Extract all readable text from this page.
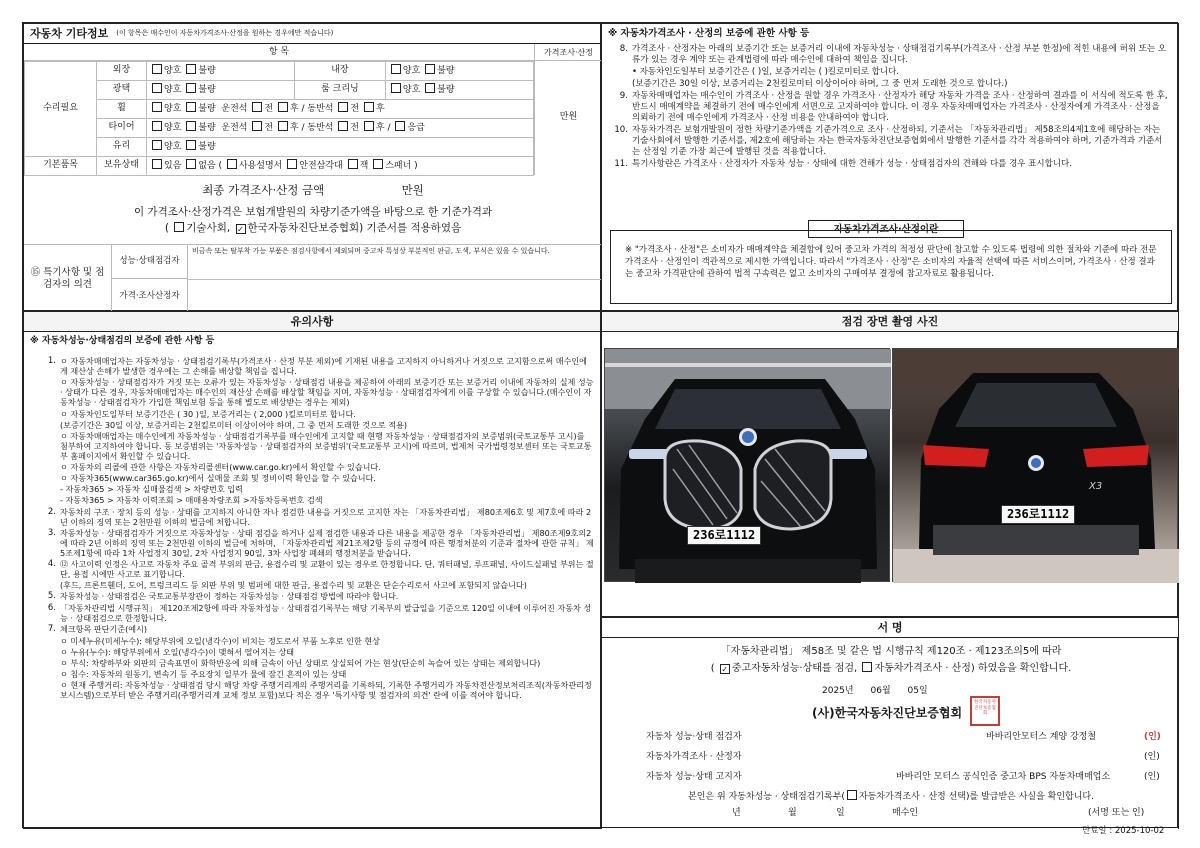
자동차 기타정보 (이 항목은 매수인이 자동차가격조사·산정을 원하는 경우에만 적습니다)
항 목	가격조사·산정
수리필요	외장	양호 불량	내장	양호 불량
	광택	양호 불량	룸 크리닝	양호 불량
	휠	양호 불량 운전석 전 후 / 동반석 전 후		
	타이어	양호 불량 운전석 전 후 / 동반석 전 후 / 응급		
	유리	양호 불량		
기본품목	보유상태	있음 없음 ( 사용설명서 안전삼각대 잭 스패너 )		
만원
최종 가격조사·산정 금액	만원
이 가격조사·산정가격은 보험개발원의 차량기준가액을 바탕으로 한 기준가격과
( 기술사회, ✓ 한국자동차진단보증협회) 기준서를 적용하였음
⑮ 특기사항 및 점검자의 의견
성능·상태점검자
비금속 또는 탈부착 가능 부품은 점검사항에서 제외되며 중고차 특성상 부분적인 판금, 도색, 부식은 있을 수 있습니다.
가격·조사산정자
※ 자동차가격조사 · 산정의 보증에 관한 사항 등
8. 가격조사 · 산정자는 아래의 보증기간 또는 보증거리 이내에 자동차성능 · 상태점검기록부(가격조사 · 산정 부분 한정)에 적힌 내용에 허위 또는 오류가 있는 경우 계약 또는 관계법령에 따라 매수인에 대하여 책임을 집니다.
• 자동차인도일부터 보증기간은 ( )일, 보증거리는 ( )킬로미터로 합니다.
(보증기간은 30일 이상, 보증거리는 2천킬로미터 이상이어야 하며, 그 중 먼저 도래한 것으로 합니다.)
9. 자동차매매업자는 매수인이 가격조사 · 산정을 원할 경우 가격조사 · 산정자가 해당 자동차 가격을 조사 · 산정하여 결과를 이 서식에 적도록 한 후, 반드시 매매계약을 체결하기 전에 매수인에게 서면으로 고지하여야 합니다. 이 경우 자동차매매업자는 가격조사 · 산정자에게 가격조사 · 산정을 의뢰하기 전에 매수인에게 가격조사 · 산정 비용을 안내하여야 합니다.
10. 자동차가격은 보험개발원이 정한 차량기준가액을 기준가격으로 조사 · 산정하되, 기준서는 「자동차관리법」 제58조의4제1호에 해당하는 자는 기술사회에서 발행한 기준서를, 제2호에 해당하는 자는 한국자동차진단보증협회에서 발행한 기준서를 각각 적용하여야 하며, 기준가격과 기준서는 산정일 기준 가장 최근에 발행된 것을 적용합니다.
11. 특기사항란은 가격조사 · 산정자가 자동차 성능 · 상태에 대한 견해가 성능 · 상태점검자의 견해와 다를 경우 표시합니다.
자동차가격조사·산정이란
※ "가격조사 · 산정"은 소비자가 매매계약을 체결함에 있어 중고차 가격의 적정성 판단에 참고할 수 있도록 법령에 의한 절차와 기준에 따라 전문 가격조사 · 산정인이 객관적으로 제시한 가액입니다. 따라서 "가격조사 · 산정"은 소비자의 자율적 선택에 따른 서비스이며, 가격조사 · 산정 결과는 중고차 가격판단에 관하여 법적 구속력은 없고 소비자의 구매여부 결정에 참고자료로 활용됩니다.
유의사항
※ 자동차성능·상태점검의 보증에 관한 사항 등
1. ㅇ 자동차매매업자는 자동차성능 · 상태점검기록부(가격조사 · 산정 부분 제외)에 기재된 내용을 고지하지 아니하거나 거짓으로 고지함으로써 매수인에게 재산상 손해가 발생한 경우에는 그 손해를 배상할 책임을 집니다.
ㅇ 자동차성능 · 상태점검자가 거짓 또는 오류가 있는 자동차성능 · 상태점검 내용을 제공하여 아래의 보증기간 또는 보증거리 이내에 자동차의 실제 성능 · 상태가 다른 경우, 자동차매매업자는 매수인의 재산상 손해를 배상할 책임을 지며, 자동차성능 · 상태점검자에게 이를 구상할 수 있습니다.(매수인이 자동차성능 · 상태점검자가 가입한 책임보험 등을 통해 별도로 배상받는 경우는 제외)
ㅇ 자동차인도일부터 보증기간은 ( 30 )일, 보증거리는 ( 2,000 )킬로미터로 합니다.
(보증기간은 30일 이상, 보증거리는 2천킬로미터 이상이어야 하며, 그 중 먼저 도래한 것으로 적용)
ㅇ 자동차매매업자는 매수인에게 자동차성능 · 상태점검기록부를 매수인에게 고지할 때 현행 자동차성능 · 상태점검자의 보증범위(국토교통부 고시)를 첨부하여 고지하여야 합니다. 동 보증범위는 '자동차성능 · 상태점검자의 보증범위'(국토교통부 고시)에 따르며, 법제처 국가법령정보센터 또는 국토교통부 홈페이지에서 확인할 수 있습니다.
ㅇ 자동차의 리콜에 관한 사항은 자동차리콜센터(www.car.go.kr)에서 확인할 수 있습니다.
ㅇ 자동차365(www.car365.go.kr)에서 실매물 조회 및 정비이력 확인을 할 수 있습니다.
- 자동차365 > 자동차 실매물검색 > 차량번호 입력
- 자동차365 > 자동차 이력조회 > 매매용차량조회 >자동차등록번호 검색
2. 자동차의 구조 · 장치 등의 성능 · 상태를 고지하지 아니한 자나 점검한 내용을 거짓으로 고지한 자는 「자동차관리법」 제80조제6호 및 제7호에 따라 2년 이하의 징역 또는 2천만원 이하의 벌금에 처합니다.
3. 자동차성능 · 상태점검자가 거짓으로 자동차성능 · 상태 점검을 하거나 실제 점검한 내용과 다른 내용을 제공한 경우 「자동차관리법」 제80조제9호의2에 따라 2년 이하의 징역 또는 2천만원 이하의 벌금에 처하며, 「자동차관리법 제21조제2항 등의 규정에 따른 행정처분의 기준과 절차에 관한 규칙」 제5조제1항에 따라 1차 사업정지 30일, 2차 사업정지 90일, 3차 사업장 폐쇄의 행정처분을 받습니다.
4. ⑫ 사고이력 인정은 사고로 자동차 주요 골격 부위의 판금, 용접수리 및 교환이 있는 경우로 한정합니다. 단, 쿼터패널, 루프패널, 사이드실패널 부위는 절단, 용접 시에만 사고로 표기합니다.
(후드, 프론트휀더, 도어, 트렁크리드 등 외판 부위 및 범퍼에 대한 판금, 용접수리 및 교환은 단순수리로서 사고에 포함되지 않습니다)
5. 자동차성능 · 상태점검은 국토교통부장관이 정하는 자동차성능 · 상태점검 방법에 따라야 합니다.
6. 「자동차관리법 시행규칙」 제120조제2항에 따라 자동차성능 · 상태점검기록부는 해당 기록부의 발급일을 기준으로 120일 이내에 이루어진 자동차 성능 · 상태점검으로 한정합니다.
7. 체크항목 판단기준(예시)
ㅇ 미세누유(미세누수): 해당부위에 오일(냉각수)이 비치는 정도로서 부품 노후로 인한 현상
ㅇ 누유(누수): 해당부위에서 오일(냉각수)이 맺혀서 떨어지는 상태
ㅇ 부식: 차량하부와 외판의 금속표면이 화학반응에 의해 금속이 아닌 상태로 상실되어 가는 현상(단순히 녹슬어 있는 상태는 제외합니다)
ㅇ 침수: 자동차의 원동기, 변속기 등 주요장치 일부가 물에 잠긴 흔적이 있는 상태
ㅇ 현재 주행거리: 자동차성능 · 상태점검 당시 해당 차량 주행거리계의 주행거리를 기록하되, 기록한 주행거리가 자동차전산정보처리조직(자동차관리정보시스템)으로부터 받은 주행거리(주행거리계 교체 정보 포함)보다 적은 경우 '특기사항 및 점검자의 의견' 란에 이를 적어야 합니다.
점검 장면 촬영 사진
236로1112
X3
236로1112
서 명
「자동차관리법」 제58조 및 같은 법 시행규칙 제120조 · 제123조의5에 따라
( ✓ 중고자동차성능·상태를 점검, 자동차가격조사 · 산정) 하였음을 확인합니다.
2025년 06월 05일
(사)한국자동차진단보증협회
한국자동차진단보증협회
자동차 성능·상태 점검자	바바리안모터스 계양 강정철	(인)
자동차가격조사 · 산정자	(인)
자동차 성능·상태 고지자	바바리안 모터스 공식인증 중고차 BPS 자동차매매업소	(인)
본인은 위 자동차성능 · 상태점검기록부( 자동차가격조사 · 산정 선택)를 발급받은 사실을 확인합니다.
년	월	일	매수인	(서명 또는 인)
만료일 : 2025-10-02
